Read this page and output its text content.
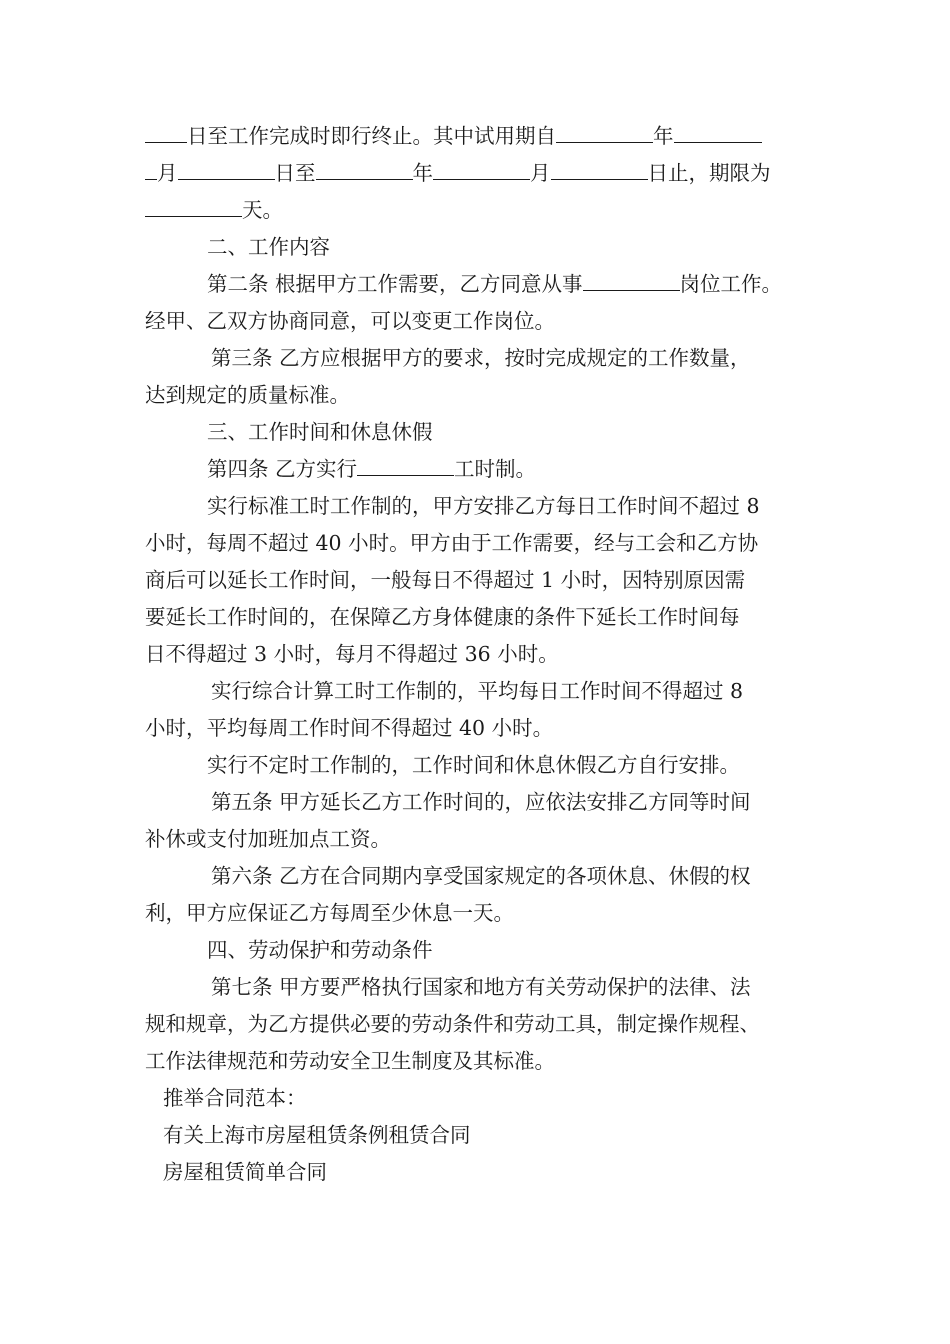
日至工作完成时即行终止。其中试用期自	年
月	日至	年	月	日止，期限为
天。
二、工作内容
第二条 根据甲方工作需要，乙方同意从事	岗位工作。
经甲、乙双方协商同意，可以变更工作岗位。
第三条 乙方应根据甲方的要求，按时完成规定的工作数量，
达到规定的质量标准。
三、工作时间和休息休假
第四条 乙方实行	工时制。
实行标准工时工作制的，甲方安排乙方每日工作时间不超过 8
小时，每周不超过 40 小时。甲方由于工作需要，经与工会和乙方协
商后可以延长工作时间，一般每日不得超过 1 小时，因特别原因需
要延长工作时间的，在保障乙方身体健康的条件下延长工作时间每
日不得超过 3 小时，每月不得超过 36 小时。
实行综合计算工时工作制的，平均每日工作时间不得超过 8
小时，平均每周工作时间不得超过 40 小时。
实行不定时工作制的，工作时间和休息休假乙方自行安排。
第五条 甲方延长乙方工作时间的，应依法安排乙方同等时间
补休或支付加班加点工资。
第六条 乙方在合同期内享受国家规定的各项休息、休假的权
利，甲方应保证乙方每周至少休息一天。
四、劳动保护和劳动条件
第七条 甲方要严格执行国家和地方有关劳动保护的法律、法
规和规章，为乙方提供必要的劳动条件和劳动工具，制定操作规程、
工作法律规范和劳动安全卫生制度及其标准。
推举合同范本：
有关上海市房屋租赁条例租赁合同
房屋租赁简单合同
